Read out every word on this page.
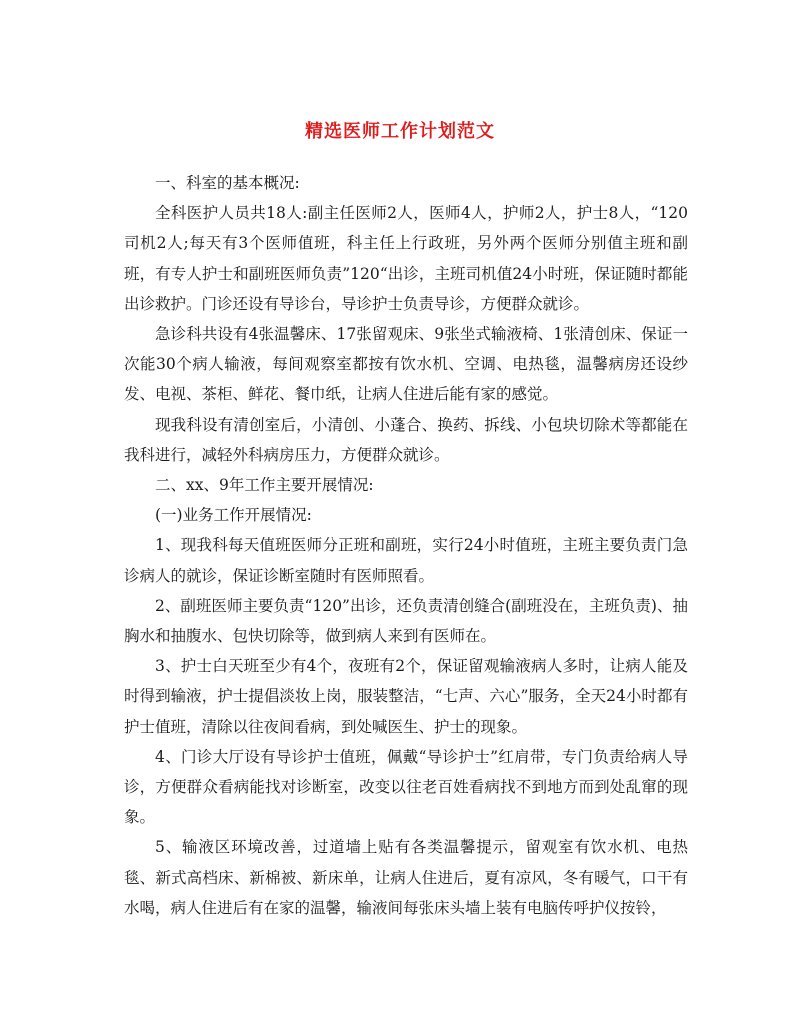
精选医师工作计划范文

一、科室的基本概况:

全科医护人员共18人:副主任医师2人，医师4人，护师2人，护士8人，“120司机2人;每天有3个医师值班，科主任上行政班，另外两个医师分别值主班和副班，有专人护士和副班医师负责”120“出诊，主班司机值24小时班，保证随时都能出诊救护。门诊还设有导诊台，导诊护士负责导诊，方便群众就诊。

急诊科共设有4张温馨床、17张留观床、9张坐式输液椅、1张清创床、保证一次能30个病人输液，每间观察室都按有饮水机、空调、电热毯，温馨病房还设纱发、电视、茶柜、鲜花、餐巾纸，让病人住进后能有家的感觉。

现我科设有清创室后，小清创、小蓬合、换药、拆线、小包块切除术等都能在我科进行，减轻外科病房压力，方便群众就诊。

二、xx、9年工作主要开展情况:

(一)业务工作开展情况:

1、现我科每天值班医师分正班和副班，实行24小时值班，主班主要负责门急诊病人的就诊，保证诊断室随时有医师照看。

2、副班医师主要负责“120”出诊，还负责清创缝合(副班没在，主班负责)、抽胸水和抽腹水、包快切除等，做到病人来到有医师在。

3、护士白天班至少有4个，夜班有2个，保证留观输液病人多时，让病人能及时得到输液，护士提倡淡妆上岗，服装整洁，“七声、六心”服务，全天24小时都有护士值班，清除以往夜间看病，到处喊医生、护士的现象。

4、门诊大厅设有导诊护士值班，佩戴“导诊护士”红肩带，专门负责给病人导诊，方便群众看病能找对诊断室，改变以往老百姓看病找不到地方而到处乱窜的现象。

5、输液区环境改善，过道墙上贴有各类温馨提示，留观室有饮水机、电热毯、新式高档床、新棉被、新床单，让病人住进后，夏有凉风，冬有暖气，口干有水喝，病人住进后有在家的温馨，输液间每张床头墙上装有电脑传呼护仪按铃，
